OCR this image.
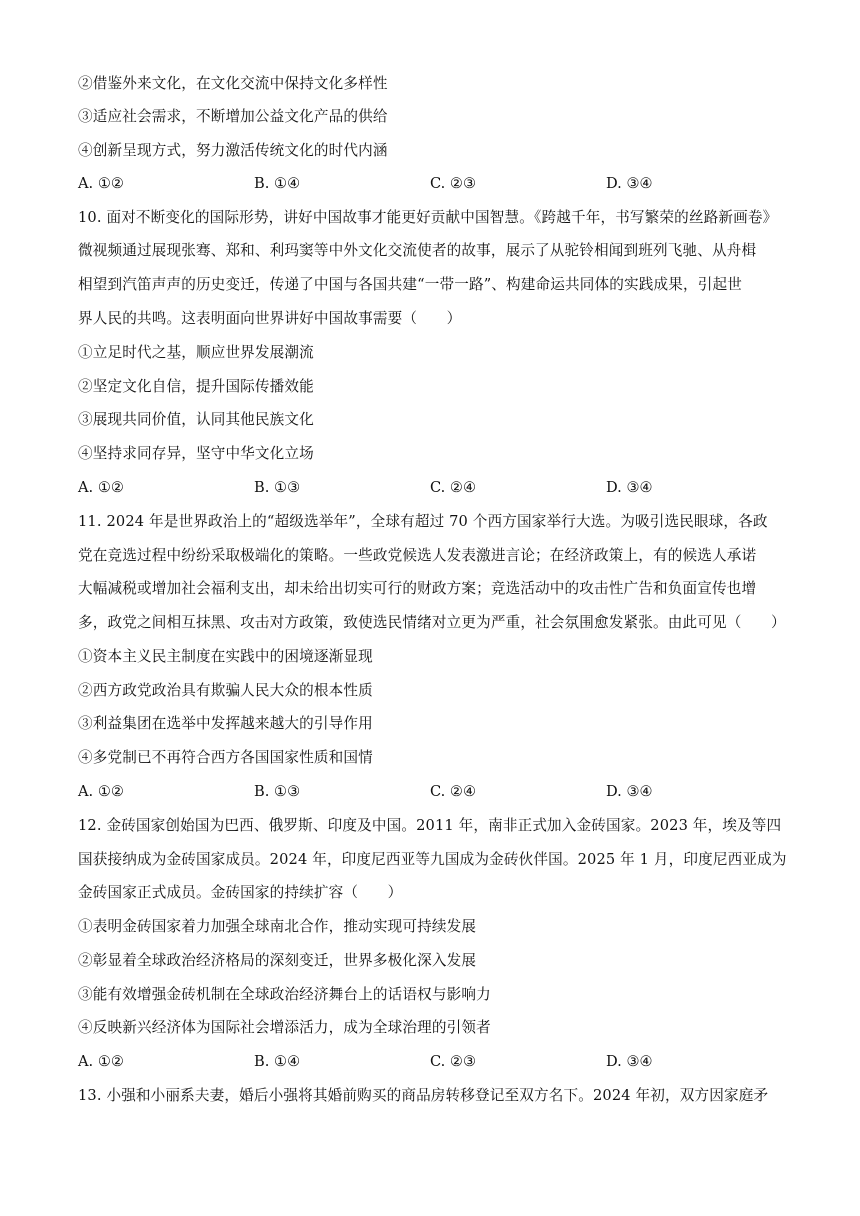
②借鉴外来文化，在文化交流中保持文化多样性
③适应社会需求，不断增加公益文化产品的供给
④创新呈现方式，努力激活传统文化的时代内涵
A. ①②	B. ①④	C. ②③	D. ③④
10. 面对不断变化的国际形势，讲好中国故事才能更好贡献中国智慧。《跨越千年，书写繁荣的丝路新画卷》
微视频通过展现张骞、郑和、利玛窦等中外文化交流使者的故事，展示了从驼铃相闻到班列飞驰、从舟楫
相望到汽笛声声的历史变迁，传递了中国与各国共建“一带一路”、构建命运共同体的实践成果，引起世
界人民的共鸣。这表明面向世界讲好中国故事需要（　　）
①立足时代之基，顺应世界发展潮流
②坚定文化自信，提升国际传播效能
③展现共同价值，认同其他民族文化
④坚持求同存异，坚守中华文化立场
A. ①②	B. ①③	C. ②④	D. ③④
11. 2024 年是世界政治上的“超级选举年”，全球有超过 70 个西方国家举行大选。为吸引选民眼球，各政
党在竞选过程中纷纷采取极端化的策略。一些政党候选人发表激进言论；在经济政策上，有的候选人承诺
大幅减税或增加社会福利支出，却未给出切实可行的财政方案；竞选活动中的攻击性广告和负面宣传也增
多，政党之间相互抹黑、攻击对方政策，致使选民情绪对立更为严重，社会氛围愈发紧张。由此可见（　　）
①资本主义民主制度在实践中的困境逐渐显现
②西方政党政治具有欺骗人民大众的根本性质
③利益集团在选举中发挥越来越大的引导作用
④多党制已不再符合西方各国国家性质和国情
A. ①②	B. ①③	C. ②④	D. ③④
12. 金砖国家创始国为巴西、俄罗斯、印度及中国。2011 年，南非正式加入金砖国家。2023 年，埃及等四
国获接纳成为金砖国家成员。2024 年，印度尼西亚等九国成为金砖伙伴国。2025 年 1 月，印度尼西亚成为
金砖国家正式成员。金砖国家的持续扩容（　　）
①表明金砖国家着力加强全球南北合作，推动实现可持续发展
②彰显着全球政治经济格局的深刻变迁，世界多极化深入发展
③能有效增强金砖机制在全球政治经济舞台上的话语权与影响力
④反映新兴经济体为国际社会增添活力，成为全球治理的引领者
A. ①②	B. ①④	C. ②③	D. ③④
13. 小强和小丽系夫妻，婚后小强将其婚前购买的商品房转移登记至双方名下。2024 年初，双方因家庭矛
